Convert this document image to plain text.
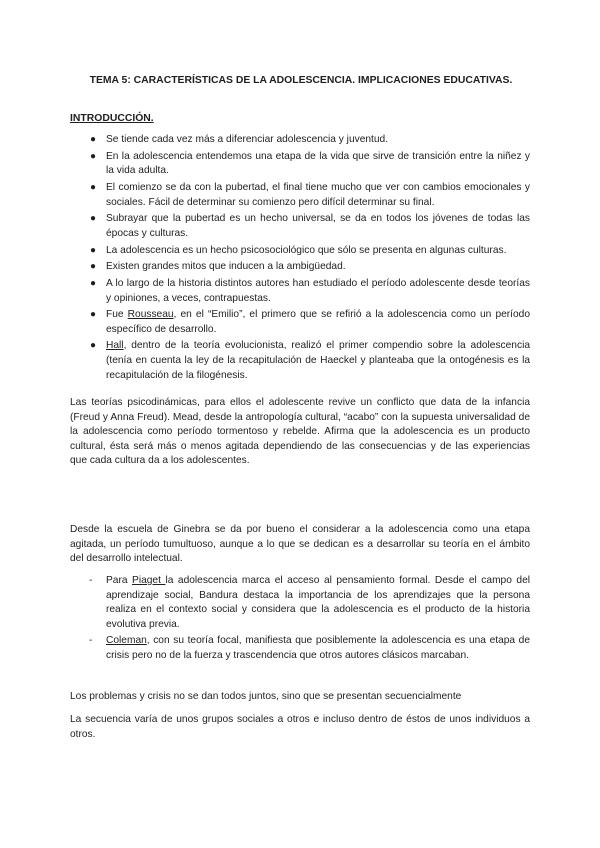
TEMA 5: CARACTERÍSTICAS DE LA ADOLESCENCIA. IMPLICACIONES EDUCATIVAS.
INTRODUCCIÓN.
● Se tiende cada vez más a diferenciar adolescencia y juventud.
● En la adolescencia entendemos una etapa de la vida que sirve de transición entre la niñez y la vida adulta.
● El comienzo se da con la pubertad, el final tiene mucho que ver con cambios emocionales y sociales. Fácil de determinar su comienzo pero difícil determinar su final.
● Subrayar que la pubertad es un hecho universal, se da en todos los jóvenes de todas las épocas y culturas.
● La adolescencia es un hecho psicosociológico que sólo se presenta en algunas culturas.
● Existen grandes mitos que inducen a la ambigüedad.
● A lo largo de la historia distintos autores han estudiado el período adolescente desde teorías y opiniones, a veces, contrapuestas.
● Fue Rousseau, en el “Emilio”, el primero que se refirió a la adolescencia como un período específico de desarrollo.
● Hall, dentro de la teoría evolucionista, realizó el primer compendio sobre la adolescencia (tenía en cuenta la ley de la recapitulación de Haeckel y planteaba que la ontogénesis es la recapitulación de la filogénesis.

Las teorías psicodinámicas, para ellos el adolescente revive un conflicto que data de la infancia (Freud y Anna Freud). Mead, desde la antropología cultural, “acabo” con la supuesta universalidad de la adolescencia como período tormentoso y rebelde. Afirma que la adolescencia es un producto cultural, ésta será más o menos agitada dependiendo de las consecuencias y de las experiencias que cada cultura da a los adolescentes.

Desde la escuela de Ginebra se da por bueno el considerar a la adolescencia como una etapa agitada, un período tumultuoso, aunque a lo que se dedican es a desarrollar su teoría en el ámbito del desarrollo intelectual.

- Para Piaget la adolescencia marca el acceso al pensamiento formal. Desde el campo del aprendizaje social, Bandura destaca la importancia de los aprendizajes que la persona realiza en el contexto social y considera que la adolescencia es el producto de la historia evolutiva previa.
- Coleman, con su teoría focal, manifiesta que posiblemente la adolescencia es una etapa de crisis pero no de la fuerza y trascendencia que otros autores clásicos marcaban.

Los problemas y crisis no se dan todos juntos, sino que se presentan secuencialmente

La secuencia varía de unos grupos sociales a otros e incluso dentro de éstos de unos individuos a otros.
